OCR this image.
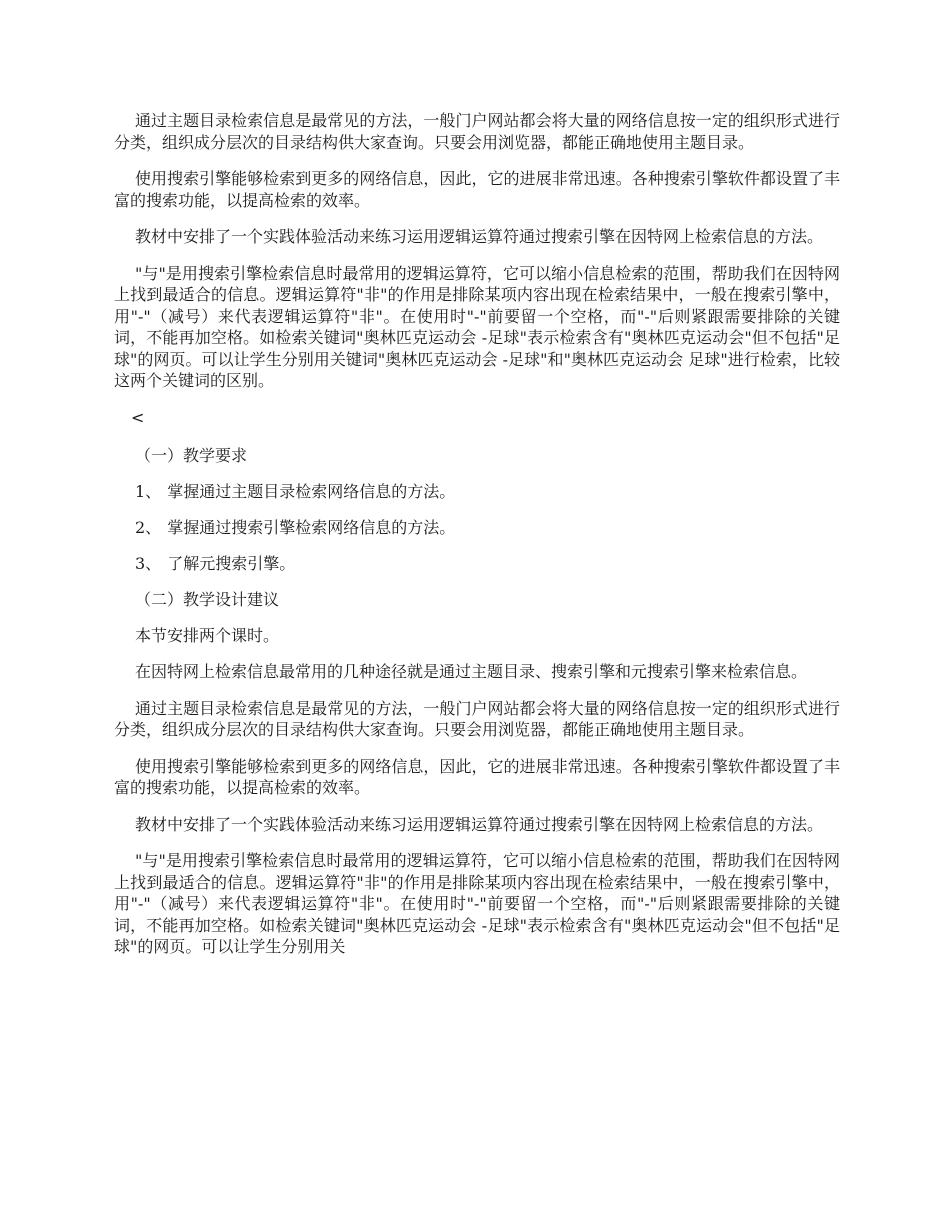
通过主题目录检索信息是最常见的方法，一般门户网站都会将大量的网络信息按一定的组织形式进行分类，组织成分层次的目录结构供大家查询。只要会用浏览器，都能正确地使用主题目录。

使用搜索引擎能够检索到更多的网络信息，因此，它的进展非常迅速。各种搜索引擎软件都设置了丰富的搜索功能，以提高检索的效率。

教材中安排了一个实践体验活动来练习运用逻辑运算符通过搜索引擎在因特网上检索信息的方法。

"与"是用搜索引擎检索信息时最常用的逻辑运算符，它可以缩小信息检索的范围，帮助我们在因特网上找到最适合的信息。逻辑运算符"非"的作用是排除某项内容出现在检索结果中，一般在搜索引擎中，用"-"（减号）来代表逻辑运算符"非"。在使用时"-"前要留一个空格，而"-"后则紧跟需要排除的关键词，不能再加空格。如检索关键词"奥林匹克运动会 -足球"表示检索含有"奥林匹克运动会"但不包括"足球"的网页。可以让学生分别用关键词"奥林匹克运动会 -足球"和"奥林匹克运动会 足球"进行检索，比较这两个关键词的区别。

<
（一）教学要求
1、 掌握通过主题目录检索网络信息的方法。
2、 掌握通过搜索引擎检索网络信息的方法。
3、 了解元搜索引擎。
（二）教学设计建议

本节安排两个课时。

在因特网上检索信息最常用的几种途径就是通过主题目录、搜索引擎和元搜索引擎来检索信息。

通过主题目录检索信息是最常见的方法，一般门户网站都会将大量的网络信息按一定的组织形式进行分类，组织成分层次的目录结构供大家查询。只要会用浏览器，都能正确地使用主题目录。

使用搜索引擎能够检索到更多的网络信息，因此，它的进展非常迅速。各种搜索引擎软件都设置了丰富的搜索功能，以提高检索的效率。

教材中安排了一个实践体验活动来练习运用逻辑运算符通过搜索引擎在因特网上检索信息的方法。

"与"是用搜索引擎检索信息时最常用的逻辑运算符，它可以缩小信息检索的范围，帮助我们在因特网上找到最适合的信息。逻辑运算符"非"的作用是排除某项内容出现在检索结果中，一般在搜索引擎中，用"-"（减号）来代表逻辑运算符"非"。在使用时"-"前要留一个空格，而"-"后则紧跟需要排除的关键词，不能再加空格。如检索关键词"奥林匹克运动会 -足球"表示检索含有"奥林匹克运动会"但不包括"足球"的网页。可以让学生分别用关
